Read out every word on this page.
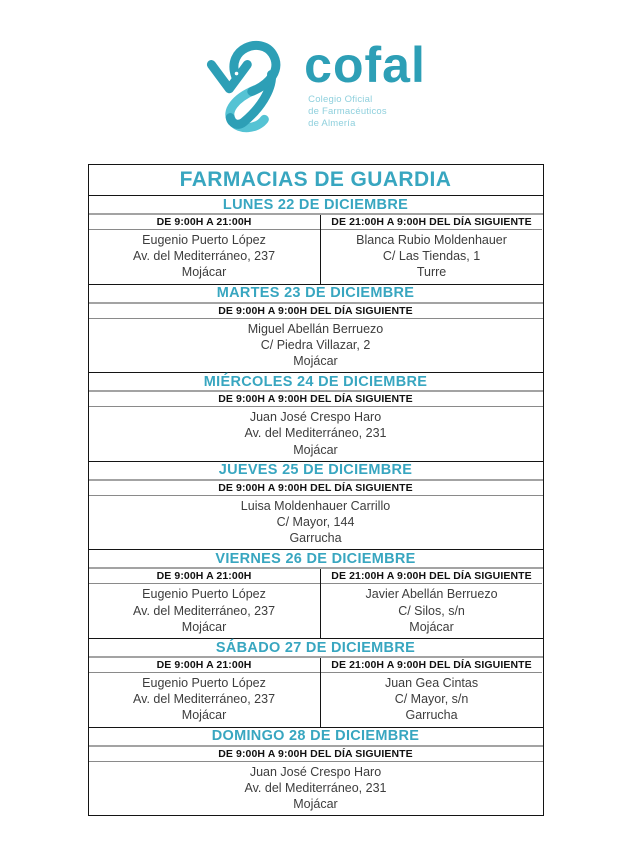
cofal
Colegio Oficial
de Farmacéuticos
de Almería
FARMACIAS DE GUARDIA
LUNES 22 DE DICIEMBRE
DE 9:00H A 21:00H
Eugenio Puerto López
Av. del Mediterráneo, 237
Mojácar
DE 21:00H A 9:00H DEL DÍA SIGUIENTE
Blanca Rubio Moldenhauer
C/ Las Tiendas, 1
Turre
MARTES 23 DE DICIEMBRE
DE 9:00H A 9:00H DEL DÍA SIGUIENTE
Miguel Abellán Berruezo
C/ Piedra Villazar, 2
Mojácar
MIÉRCOLES 24 DE DICIEMBRE
DE 9:00H A 9:00H DEL DÍA SIGUIENTE
Juan José Crespo Haro
Av. del Mediterráneo, 231
Mojácar
JUEVES 25 DE DICIEMBRE
DE 9:00H A 9:00H DEL DÍA SIGUIENTE
Luisa Moldenhauer Carrillo
C/ Mayor, 144
Garrucha
VIERNES 26 DE DICIEMBRE
DE 9:00H A 21:00H
Eugenio Puerto López
Av. del Mediterráneo, 237
Mojácar
DE 21:00H A 9:00H DEL DÍA SIGUIENTE
Javier Abellán Berruezo
C/ Silos, s/n
Mojácar
SÁBADO 27 DE DICIEMBRE
DE 9:00H A 21:00H
Eugenio Puerto López
Av. del Mediterráneo, 237
Mojácar
DE 21:00H A 9:00H DEL DÍA SIGUIENTE
Juan Gea Cintas
C/ Mayor, s/n
Garrucha
DOMINGO 28 DE DICIEMBRE
DE 9:00H A 9:00H DEL DÍA SIGUIENTE
Juan José Crespo Haro
Av. del Mediterráneo, 231
Mojácar
